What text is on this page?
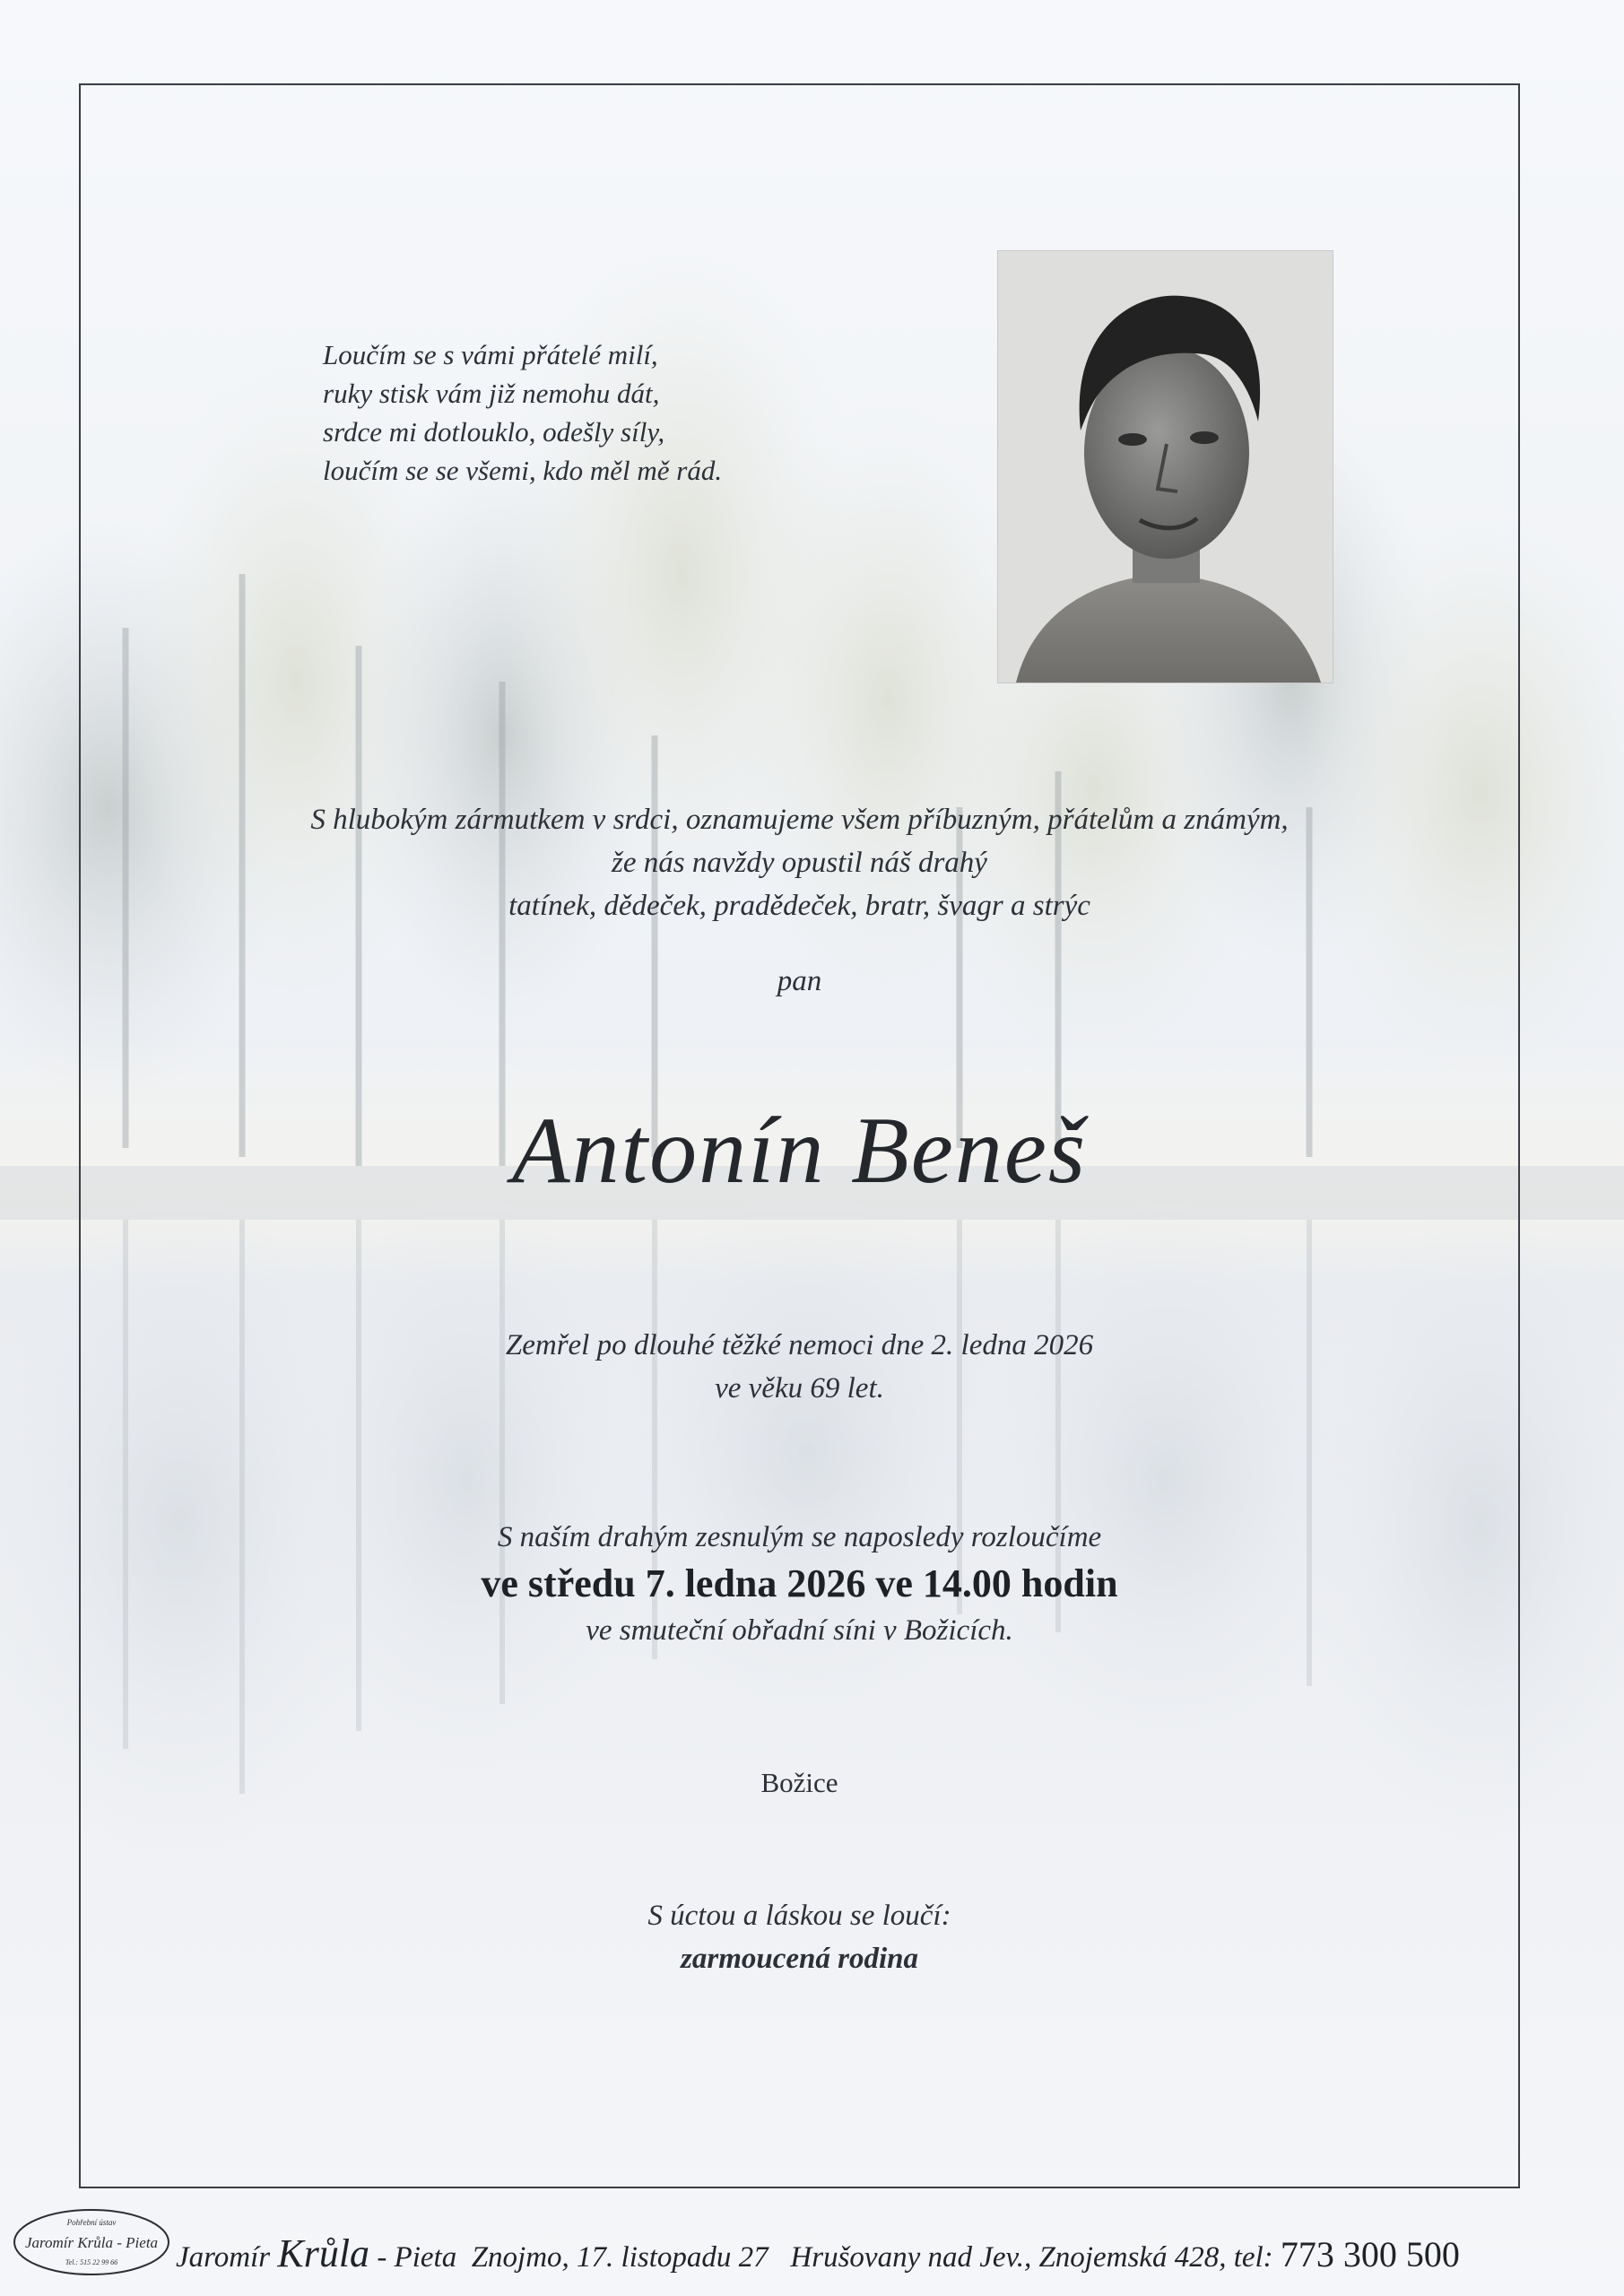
Loučím se s vámi přátelé milí,
ruky stisk vám již nemohu dát,
srdce mi dotlouklo, odešly síly,
loučím se se všemi, kdo měl mě rád.
S hlubokým zármutkem v srdci, oznamujeme všem příbuzným, přátelům a známým,
že nás navždy opustil náš drahý
tatínek, dědeček, pradědeček, bratr, švagr a strýc
pan
Antonín Beneš
Zemřel po dlouhé těžké nemoci dne 2. ledna 2026
ve věku 69 let.
S naším drahým zesnulým se naposledy rozloučíme
ve středu 7. ledna 2026 ve 14.00 hodin
ve smuteční obřadní síni v Božicích.
Božice
S úctou a láskou se loučí:
zarmoucená rodina
Pohřební ústav
Jaromír Krůla - Pieta
Tel.: 515 22 99 66 Jaromír Krůla - Pieta Znojmo, 17. listopadu 27 Hrušovany nad Jev., Znojemská 428, tel: 773 300 500
